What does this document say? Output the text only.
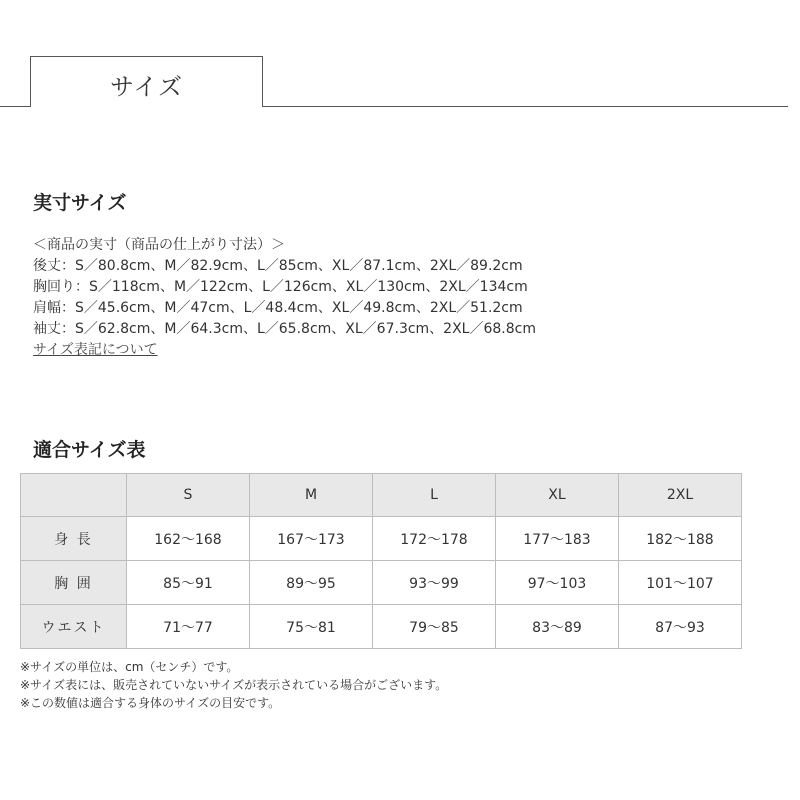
サイズ
実寸サイズ
＜商品の実寸（商品の仕上がり寸法）＞
後丈：S／80.8cm、M／82.9cm、L／85cm、XL／87.1cm、2XL／89.2cm
胸回り：S／118cm、M／122cm、L／126cm、XL／130cm、2XL／134cm
肩幅：S／45.6cm、M／47cm、L／48.4cm、XL／49.8cm、2XL／51.2cm
袖丈：S／62.8cm、M／64.3cm、L／65.8cm、XL／67.3cm、2XL／68.8cm
サイズ表記について
適合サイズ表
	S	M	L	XL	2XL
身 長	162〜168	167〜173	172〜178	177〜183	182〜188
胸 囲	85〜91	89〜95	93〜99	97〜103	101〜107
ウエスト	71〜77	75〜81	79〜85	83〜89	87〜93
※サイズの単位は、cm（センチ）です。
※サイズ表には、販売されていないサイズが表示されている場合がございます。
※この数値は適合する身体のサイズの目安です。
